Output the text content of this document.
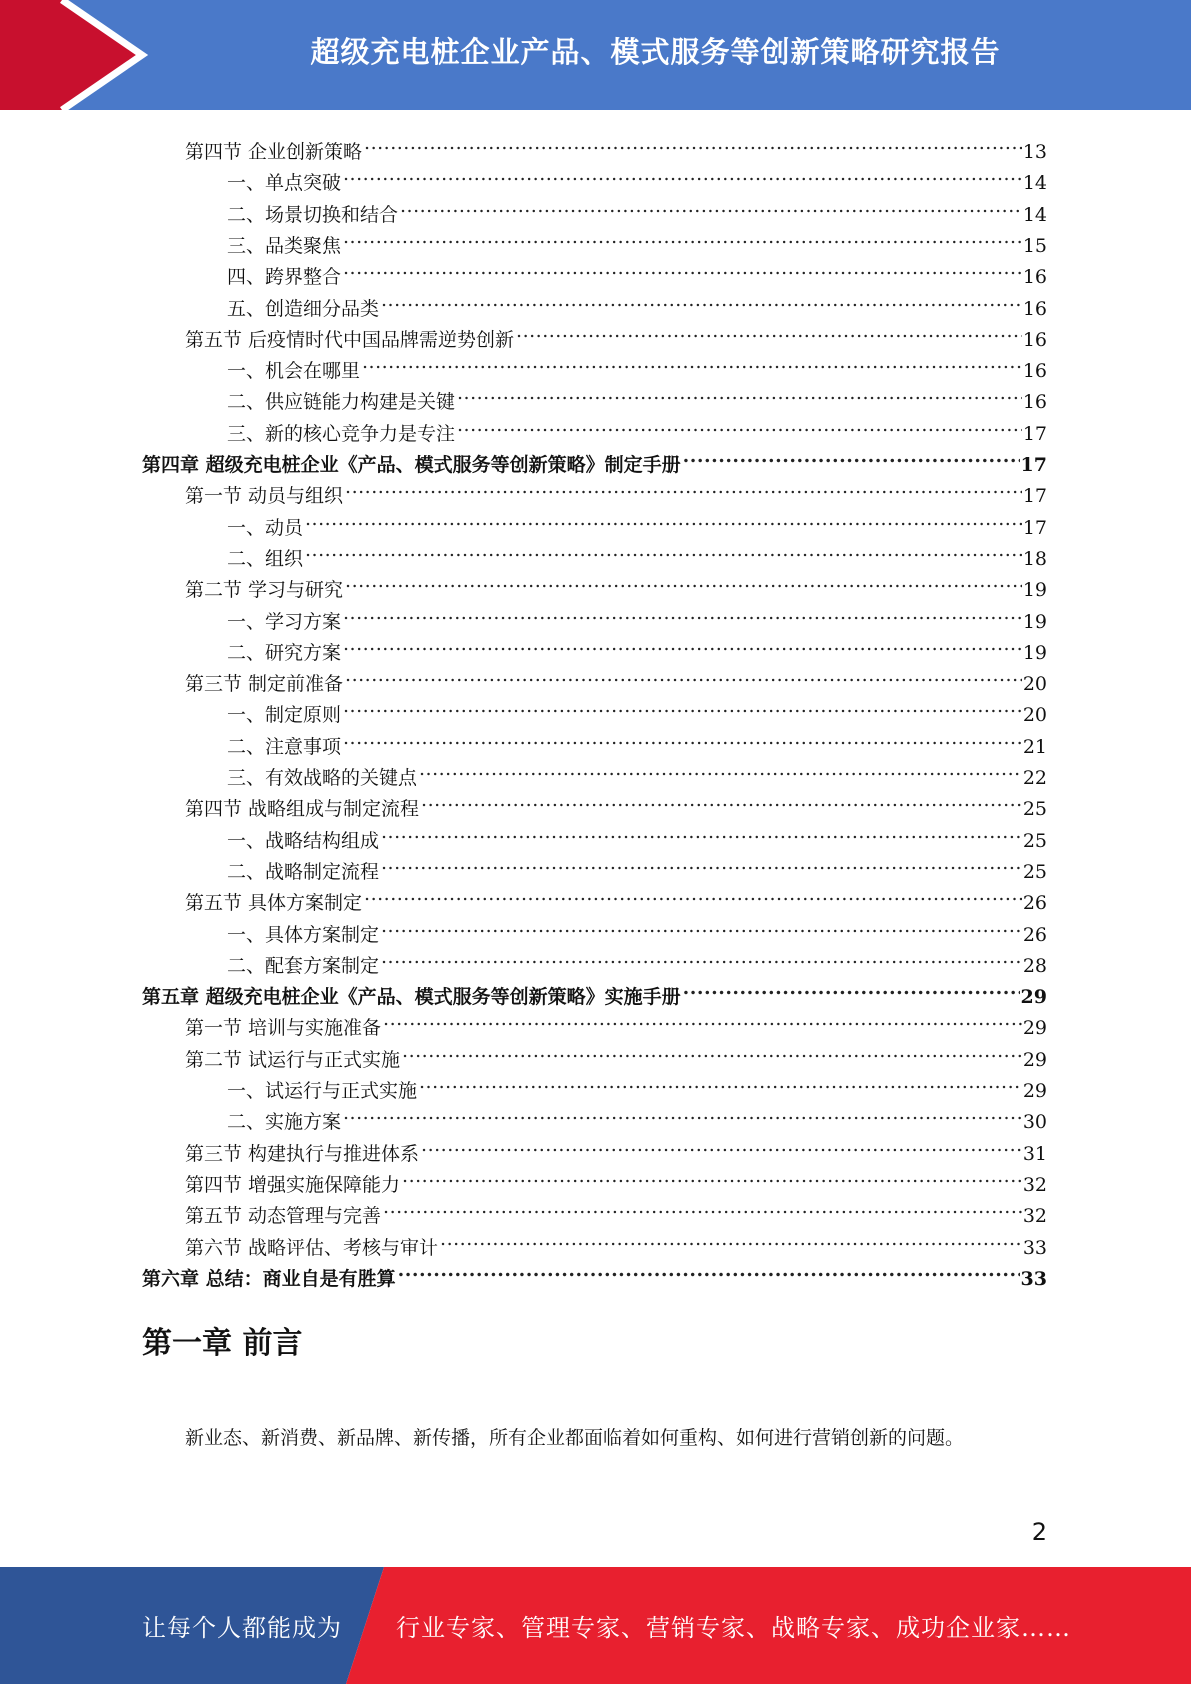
超级充电桩企业产品、模式服务等创新策略研究报告
第四节 企业创新策略 .....	13
一、单点突破 .....	14
二、场景切换和结合 .....	14
三、品类聚焦 .....	15
四、跨界整合 .....	16
五、创造细分品类 .....	16
第五节 后疫情时代中国品牌需逆势创新 .....	16
一、机会在哪里 .....	16
二、供应链能力构建是关键 .....	16
三、新的核心竞争力是专注 .....	17
第四章 超级充电桩企业《产品、模式服务等创新策略》制定手册 .....	17
第一节 动员与组织 .....	17
一、动员 .....	17
二、组织 .....	18
第二节 学习与研究 .....	19
一、学习方案 .....	19
二、研究方案 .....	19
第三节 制定前准备 .....	20
一、制定原则 .....	20
二、注意事项 .....	21
三、有效战略的关键点 .....	22
第四节 战略组成与制定流程 .....	25
一、战略结构组成 .....	25
二、战略制定流程 .....	25
第五节 具体方案制定 .....	26
一、具体方案制定 .....	26
二、配套方案制定 .....	28
第五章 超级充电桩企业《产品、模式服务等创新策略》实施手册 .....	29
第一节 培训与实施准备 .....	29
第二节 试运行与正式实施 .....	29
一、试运行与正式实施 .....	29
二、实施方案 .....	30
第三节 构建执行与推进体系 .....	31
第四节 增强实施保障能力 .....	32
第五节 动态管理与完善 .....	32
第六节 战略评估、考核与审计 .....	33
第六章 总结：商业自是有胜算 .....	33
第一章 前言
新业态、新消费、新品牌、新传播，所有企业都面临着如何重构、如何进行营销创新的问题。
2
让每个人都能成为 行业专家、管理专家、营销专家、战略专家、成功企业家……
